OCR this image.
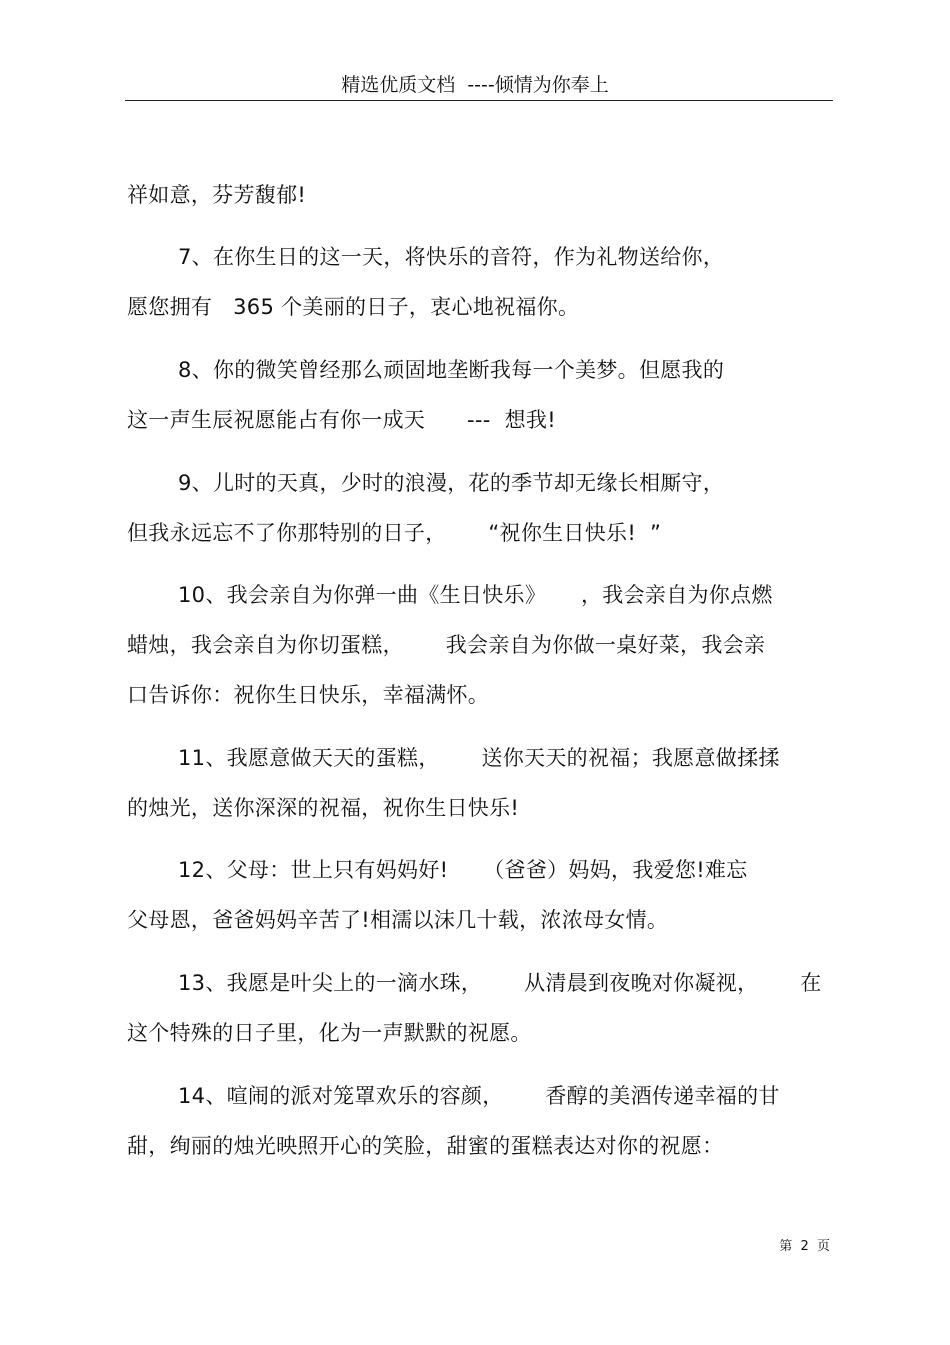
精选优质文档  ----倾情为你奉上
祥如意，芬芳馥郁!
7、在你生日的这一天，将快乐的音符，作为礼物送给你，
愿您拥有   365 个美丽的日子，衷心地祝福你。
8、你的微笑曾经那么顽固地垄断我每一个美梦。但愿我的
这一声生辰祝愿能占有你一成天      ---  想我!
9、儿时的天真，少时的浪漫，花的季节却无缘长相厮守，
但我永远忘不了你那特别的日子，      “祝你生日快乐!  ”
10、我会亲自为你弹一曲《生日快乐》     ，我会亲自为你点燃
蜡烛，我会亲自为你切蛋糕，      我会亲自为你做一桌好菜，我会亲
口告诉你：祝你生日快乐，幸福满怀。
11、我愿意做天天的蛋糕，      送你天天的祝福；我愿意做揉揉
的烛光，送你深深的祝福，祝你生日快乐!
12、父母：世上只有妈妈好!     （爸爸）妈妈，我爱您!难忘
父母恩，爸爸妈妈辛苦了!相濡以沫几十载，浓浓母女情。
13、我愿是叶尖上的一滴水珠，      从清晨到夜晚对你凝视，      在
这个特殊的日子里，化为一声默默的祝愿。
14、喧闹的派对笼罩欢乐的容颜，      香醇的美酒传递幸福的甘
甜，绚丽的烛光映照开心的笑脸，甜蜜的蛋糕表达对你的祝愿：
第  2  页
